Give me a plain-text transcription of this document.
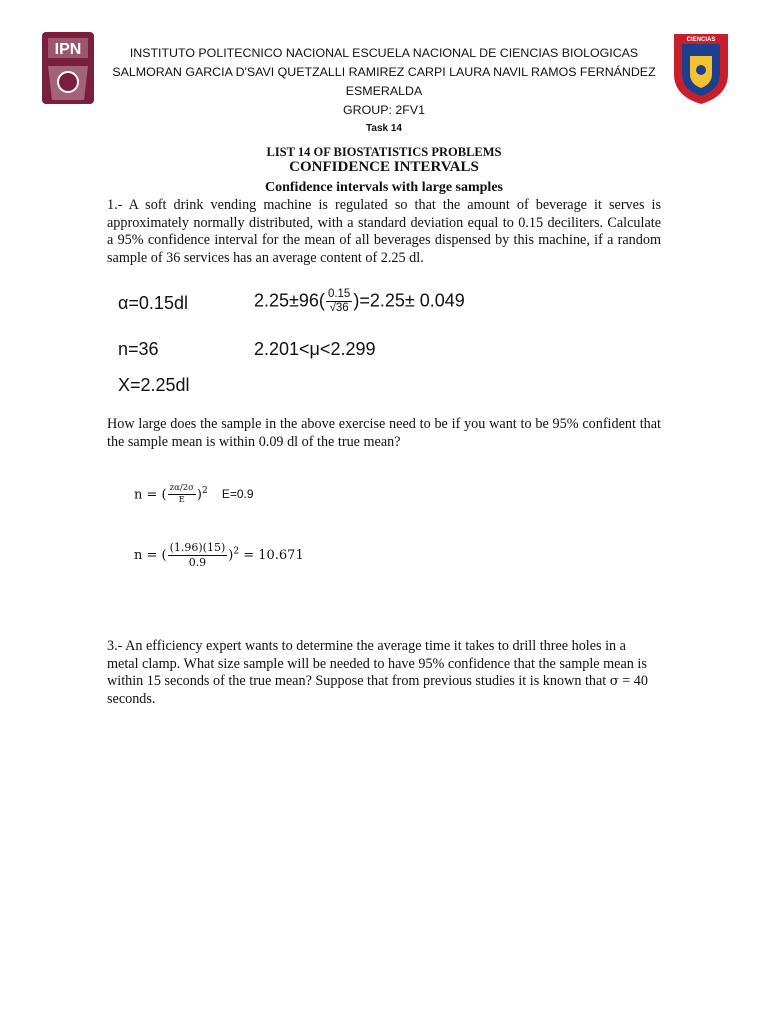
IPN	INSTITUTO POLITECNICO NACIONAL ESCUELA NACIONAL DE CIENCIAS BIOLOGICAS
SALMORAN GARCIA D'SAVI QUETZALLI RAMIREZ CARPI LAURA NAVIL RAMOS FERNÁNDEZ
ESMERALDA
GROUP: 2FV1
Task 14
CIENCIAS
LIST 14 OF BIOSTATISTICS PROBLEMS
CONFIDENCE INTERVALS
Confidence intervals with large samples
1.- A soft drink vending machine is regulated so that the amount of beverage it serves is approximately normally distributed, with a standard deviation equal to 0.15 deciliters. Calculate a 95% confidence interval for the mean of all beverages dispensed by this machine, if a random sample of 36 services has an average content of 2.25 dl.
α=0.15dl	$2.25\pm 96( \frac{0.15}{√36} )=2.25\pm 0.049$
n=36	2.201<μ<2.299
X=2.25dl
How large does the sample in the above exercise need to be if you want to be 95% confident that the sample mean is within 0.09 dl of the true mean?
n = ( $\frac{z\alpha/2\sigma}{E} )^2$ E=0.9
n = ( $\frac{(1.96)(15)}{0.9} )^2 = 10.671$
3.- An efficiency expert wants to determine the average time it takes to drill three holes in a metal clamp. What size sample will be needed to have 95% confidence that the sample mean is within 15 seconds of the true mean? Suppose that from previous studies it is known that σ = 40 seconds.
